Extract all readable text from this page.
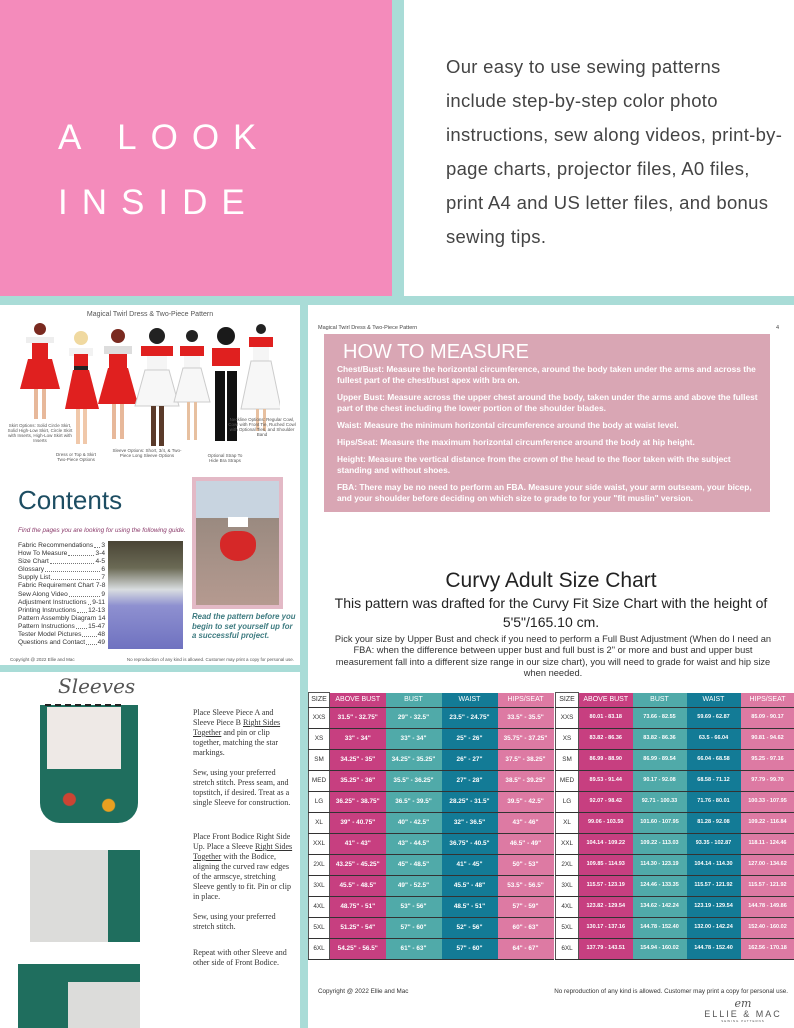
A LOOK
INSIDE

Our easy to use sewing patterns include step-by-step color photo instructions, sew along videos, print-by-page charts, projector files, A0 files, print A4 and US letter files, and bonus sewing tips.

Magical Twirl Dress & Two-Piece Pattern
Skirt Options: Solid Circle Skirt, Solid High-Low Skirt, Circle Skirt with Inserts, High-Low Skirt with Inserts
Dress or Top & Skirt Two-Piece Options
Sleeve Options: Short, 3/4, & Two-Piece Long Sleeve Options	Optional Strap To Hide Bra Straps
Neckline Options: Regular Cowl, Cowl with Front Tie, Ruched Cowl with Optional Ties, and Shoulder Band
Contents
Find the pages you are looking for using the following guide.
Fabric Recommendations 3
How To Measure	3-4
Size Chart	4-5
Glossary	6
Supply List	7
Fabric Requirement Chart 7-8
Sew Along Video	9
Adjustment Instructions 9-11
Printing Instructions 12-13
Pattern Assembly Diagram 14
Pattern Instructions 15-47
Tester Model Pictures 48
Questions and Contact 49
Read the pattern before you begin to set yourself up for a successful project.
Copyright @ 2022 Ellie and Mac	No reproduction of any kind is allowed. Customer may print a copy for personal use.
Sleeves
Place Sleeve Piece A and Sleeve Piece B Right Sides Together and pin or clip together, matching the star markings.
Sew, using your preferred stretch stitch. Press seam, and topstitch, if desired. Treat as a single Sleeve for construction.
Place Front Bodice Right Side Up. Place a Sleeve Right Sides Together with the Bodice, aligning the curved raw edges of the armscye, stretching Sleeve gently to fit. Pin or clip in place.
Sew, using your preferred stretch stitch.
Repeat with other Sleeve and other side of Front Bodice.
Magical Twirl Dress & Two-Piece Pattern	4
HOW TO MEASURE

Chest/Bust: Measure the horizontal circumference, around the body taken under the arms and across the fullest part of the chest/bust apex with bra on.

Upper Bust: Measure across the upper chest around the body, taken under the arms and above the fullest part of the chest including the lower portion of the shoulder blades.

Waist: Measure the minimum horizontal circumference around the body at waist level.

Hips/Seat: Measure the maximum horizontal circumference around the body at hip height.

Height: Measure the vertical distance from the crown of the head to the floor taken with the subject standing and without shoes.

FBA: There may be no need to perform an FBA. Measure your side waist, your arm outseam, your bicep, and your shoulder before deciding on which size to grade to for your "fit muslin" version.

Curvy Adult Size Chart
This pattern was drafted for the Curvy Fit Size Chart with the height of 5'5"/165.10 cm.
Pick your size by Upper Bust and check if you need to perform a Full Bust Adjustment (When do I need an FBA: when the difference between upper bust and full bust is 2" or more and bust and upper bust measurement fall into a different size range in our size chart), you will need to grade for waist and hip size when needed.
SIZE	ABOVE BUST	BUST	WAIST	HIPS/SEAT
XXS	31.5" - 32.75"	29" - 32.5"	23.5" - 24.75"	33.5" - 35.5"
XS	33" - 34"	33" - 34"	25" - 26"	35.75" - 37.25"
SM	34.25" - 35"	34.25" - 35.25"	26" - 27"	37.5" - 38.25"
MED	35.25" - 36"	35.5" - 36.25"	27" - 28"	38.5" - 39.25"
LG	36.25" - 38.75"	36.5" - 39.5"	28.25" - 31.5"	39.5" - 42.5"
XL	39" - 40.75"	40" - 42.5"	32" - 36.5"	43" - 46"
XXL	41" - 43"	43" - 44.5"	36.75" - 40.5"	46.5" - 49"
2XL	43.25" - 45.25"	45" - 48.5"	41" - 45"	50" - 53"
3XL	45.5" - 48.5"	49" - 52.5"	45.5" - 48"	53.5" - 56.5"
4XL	48.75" - 51"	53" - 56"	48.5" - 51"	57" - 59"
5XL	51.25" - 54"	57" - 60"	52" - 56"	60" - 63"
6XL	54.25" - 56.5"	61" - 63"	57" - 60"	64" - 67"
SIZE	ABOVE BUST	BUST	WAIST	HIPS/SEAT
XXS	80.01 - 83.18	73.66 - 82.55	59.69 - 62.87	85.09 - 90.17
XS	83.82 - 86.36	83.82 - 86.36	63.5 - 66.04	90.81 - 94.62
SM	86.99 - 88.90	86.99 - 89.54	66.04 - 68.58	95.25 - 97.16
MED	89.53 - 91.44	90.17 - 92.08	68.58 - 71.12	97.79 - 99.70
LG	92.07 - 98.42	92.71 - 100.33	71.76 - 80.01	100.33 - 107.95
XL	99.06 - 103.50	101.60 - 107.95	81.28 - 92.08	109.22 - 116.84
XXL	104.14 - 109.22	109.22 - 113.03	93.35 - 102.87	118.11 - 124.46
2XL	109.85 - 114.93	114.30 - 123.19	104.14 - 114.30	127.00 - 134.62
3XL	115.57 - 123.19	124.46 - 133.35	115.57 - 121.92	115.57 - 121.92
4XL	123.82 - 129.54	134.62 - 142.24	123.19 - 129.54	144.78 - 149.86
5XL	130.17 - 137.16	144.78 - 152.40	132.00 - 142.24	152.40 - 160.02
6XL	137.79 - 143.51	154.94 - 160.02	144.78 - 152.40	162.56 - 170.18
Copyright @ 2022 Ellie and Mac	No reproduction of any kind is allowed. Customer may print a copy for personal use.
em
ELLIE & MAC
SEWING PATTERNS
